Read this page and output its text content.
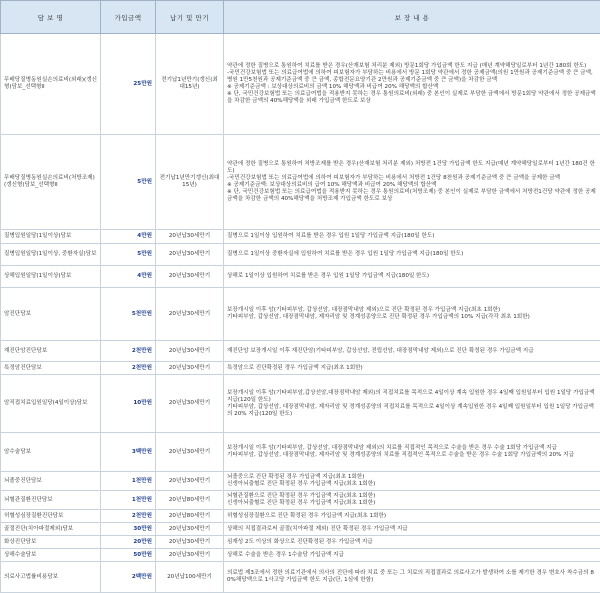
담 보 명	가입금액	납기 및 만기	보 장 내 용
무배당질병동원실손의료비(외래)(갱신형)담보_선택형II	25만원	전기납1년만기(갱신(최대15년)	약관에 정한 질병으로 통원하여 치료를 받은 경우(산재보험 처리분 제외) 방문1회당 가입금액 한도 지급 (매년 계약해당일로부터 1년간 180회 한도)
-국민건강보험법 또는 의료급여법에 의하여 피보험자가 부담하는 비용에서 방문 1회당 약관에서 정한 공제금액(의원 1만원과 공제기준금액 중 큰 금액, 병원 1만5천원과 공제기준금액 중 큰 금액, 종합전문요양기관 2만원과 공제기준금액 중 큰 금액)을 차감한 금액
※ 공제기준금액 : 보상대상의료비의 금액 10% 해당액과 비급여 20% 해당액의 합산액
※ 단, 국민건강보험법 또는 의료급여법을 적용받지 못하는 경우 통원의료비(외래) 중 본인이 실제로 부담한 금액에서 방문1회당 약관에서 정한 공제금액을 차감한 금액의 40%해당액을 외래 가입금액 한도로 보상
무배당질병동원실손의료비(처방조제)(갱신형)담보_선택형II	5만원	전기납1년만기갱신(최대15년)	약관에 정한 질병으로 통원하여 처방조제를 받은 경우(산재보험 처리분 제외) 처방전 1건당 가입금액 한도 지급(매년 계약해당일로부터 1년간 180건 한도)
-국민건강보험법 또는 의료급여법에 의하여 피보험자가 부담하는 비용에서 처방전 1건당 8천원과 공제기준금액 중 큰 금액을 공제한 금액
※ 공제기준금액: 보상대상의료비의 급여 10% 해당액과 비급여 20% 해당액의 합산액
※ 단, 국민건강보험법 또는 의료급여법을 적용받지 못하는 경우 통원의료비(처방조제) 중 본인이 실제로 부담한 금액에서 처방전1건당 약관에 정한 공제금액을 차감한 금액의 40%해당액을 처방조제 가입금액 한도로 보상
질병입원일당(1일이상)담보	4만원	20년납30세만기	질병으로 1일이상 입원하여 치료를 받은 경우 입원 1일당 가입금액 지급(180일 한도)
질병입원일당(1일이상, 중환자실)담보	5만원	20년납30세만기	질병으로 1일이상 중환자실에 입원하여 치료를 받은 경우 입원 1일당 가입금액 지급(180일 한도)
상해입원일당(1일이상)담보	4만원	20년납30세만기	상해로 1일이상 입원하여 치료를 받은 경우 입원 1일당 가입금액 지급(180일 한도)
암진단담보	5천만원	20년납30세만기	보장개시일 이후 암(기타피부암, 갑상선암, 대장점막내암 제외)으로 진단 확정된 경우 가입금액 지급(최초 1회한)
기타피부암, 갑상선암, 대장점막내암, 제자리암 및 경계성종양으로 진단 확정된 경우 가입금액의 10% 지급(각각 최초 1회한)
재진단암진단담보	2천만원	20년납30세만기	재진단암 보장개시일 이후 재진단암(기타피부암, 갑상선암, 전립선암, 대장점막내암 제외)으로 진단 확정된 경우 가입금액 지급
특정암진단담보	2천만원	20년납30세만기	특정암으로 진단확정된 경우 가입금액 지급(최초 1회한)
암직접치료입원일당(4일이상)담보	10만원	20년납30세만기	보장개시일 이후 암(기타피부암,갑상선암,대장점막내암 제외)의 직접치료를 목적으로 4일이상 계속 입원한 경우 4일째 입원일부터 입원 1일당 가입금액 지급(120일 한도)
기타피부암, 갑상선암, 대장점막내암, 제자리암 및 경계성종양의 직접치료를 목적으로 4일이상 계속입원한 경우 4일째 입원일부터 입원 1일당 가입금액의 20% 지급(120일 한도)
암수술담보	3백만원	20년납30세만기	보장개시일 이후 암(기타피부암, 갑상선암, 대장점막내암 제외)의 치료를 직접적인 목적으로 수술을 받은 경우 수술 1회당 가입금액 지급
기타피부암, 갑상선암, 대장점막내암, 제자리암 및 경계성종양의 치료를 직접적인 목적으로 수술을 받은 경우 수술 1회당 가입금액의 20% 지급
뇌졸중진단담보	1천만원	20년납30세만기	뇌졸중으로 진단 확정된 경우 가입금액 지급(최초 1회한)
신생아뇌출혈로 진단 확정된 경우 가입금액 지급(최초 1회한)
뇌혈관질환진단담보	1천만원	20년납80세만기	뇌혈관질환으로 진단 확정된 경우 가입금액 지급(최초 1회한)
신생아뇌출혈로 진단 확정된 경우 가입금액 지급(최초 1회한)
허혈성심장질환진단담보	2천만원	20년납80세만기	허혈성심장질환으로 진단 확정된 경우 가입금액 지급(최초 1회한)
골절진단(치아파절제외)담보	30만원	20년납30세만기	상해의 직접결과로써 골절(치아파절 제외) 진단 확정된 경우 가입금액 지급
화상진단담보	20만원	20년납30세만기	심재성 2도 이상의 화상으로 진단확정된 경우 가입금액 지급
상해수술담보	50만원	20년납30세만기	상해로 수술을 받은 경우 1수술당 가입금액 지급
의료사고법률비용담보	2백만원	20년납100세만기	의료법 제3조에서 정한 의료기관에서 의사의 진단에 따라 치료 중 또는 그 치료의 직접결과로 의료사고가 발생하여 소를 제기한 경우 변호사 착수금의 80%해당액으로 1사고당 가입금액 한도 지급(단, 1심에 한함)
